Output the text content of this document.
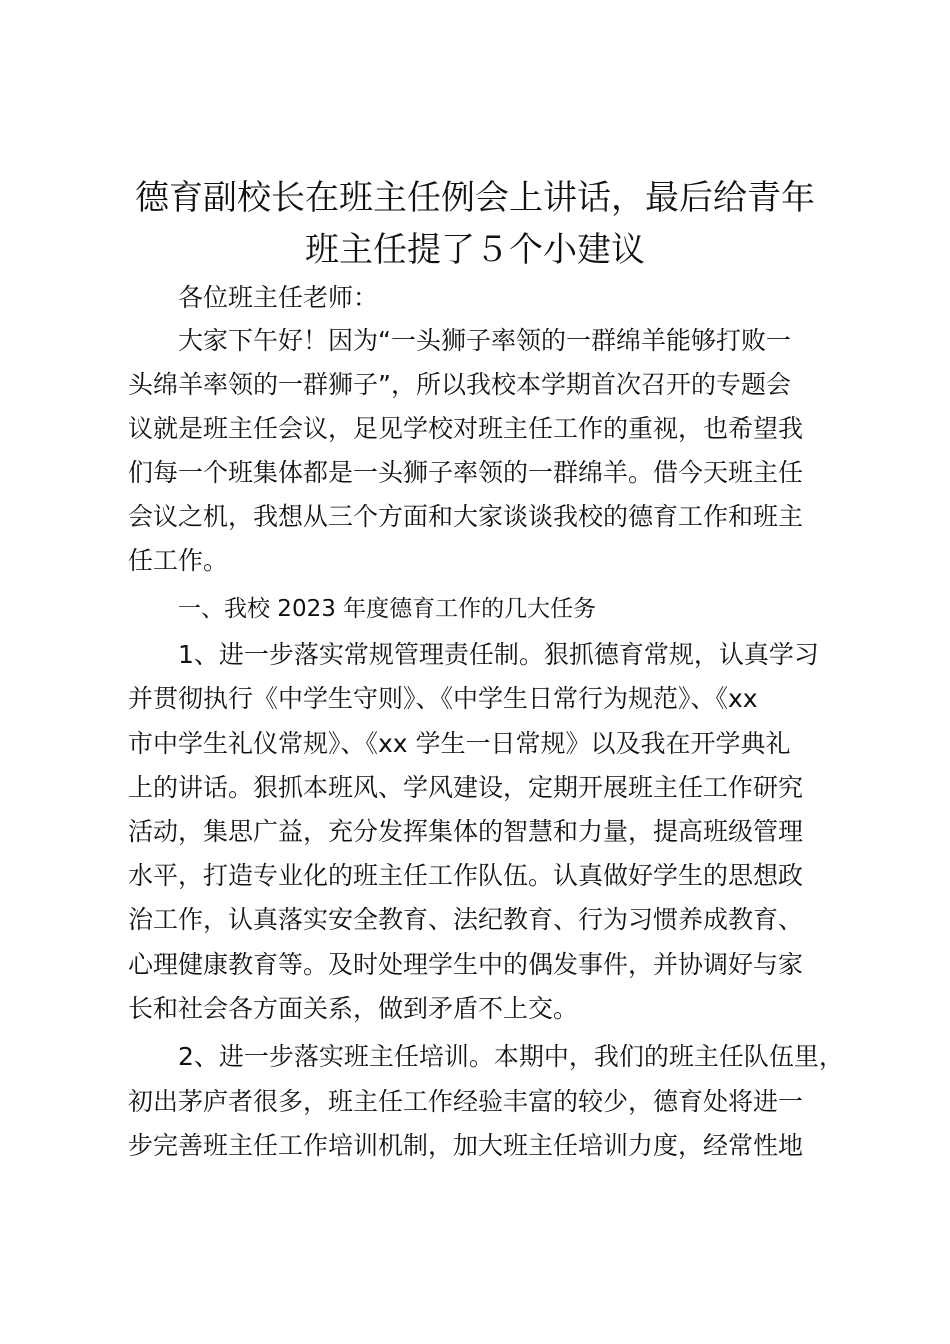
德育副校长在班主任例会上讲话，最后给青年
班主任提了５个小建议
各位班主任老师：
大家下午好！因为“一头狮子率领的一群绵羊能够打败一
头绵羊率领的一群狮子”，所以我校本学期首次召开的专题会
议就是班主任会议，足见学校对班主任工作的重视，也希望我
们每一个班集体都是一头狮子率领的一群绵羊。借今天班主任
会议之机，我想从三个方面和大家谈谈我校的德育工作和班主
任工作。
一、我校 2023 年度德育工作的几大任务
1、进一步落实常规管理责任制。狠抓德育常规，认真学习
并贯彻执行《中学生守则》、《中学生日常行为规范》、《xx
市中学生礼仪常规》、《xx 学生一日常规》以及我在开学典礼
上的讲话。狠抓本班风、学风建设，定期开展班主任工作研究
活动，集思广益，充分发挥集体的智慧和力量，提高班级管理
水平，打造专业化的班主任工作队伍。认真做好学生的思想政
治工作，认真落实安全教育、法纪教育、行为习惯养成教育、
心理健康教育等。及时处理学生中的偶发事件，并协调好与家
长和社会各方面关系，做到矛盾不上交。
2、进一步落实班主任培训。本期中，我们的班主任队伍里，
初出茅庐者很多，班主任工作经验丰富的较少，德育处将进一
步完善班主任工作培训机制，加大班主任培训力度，经常性地
